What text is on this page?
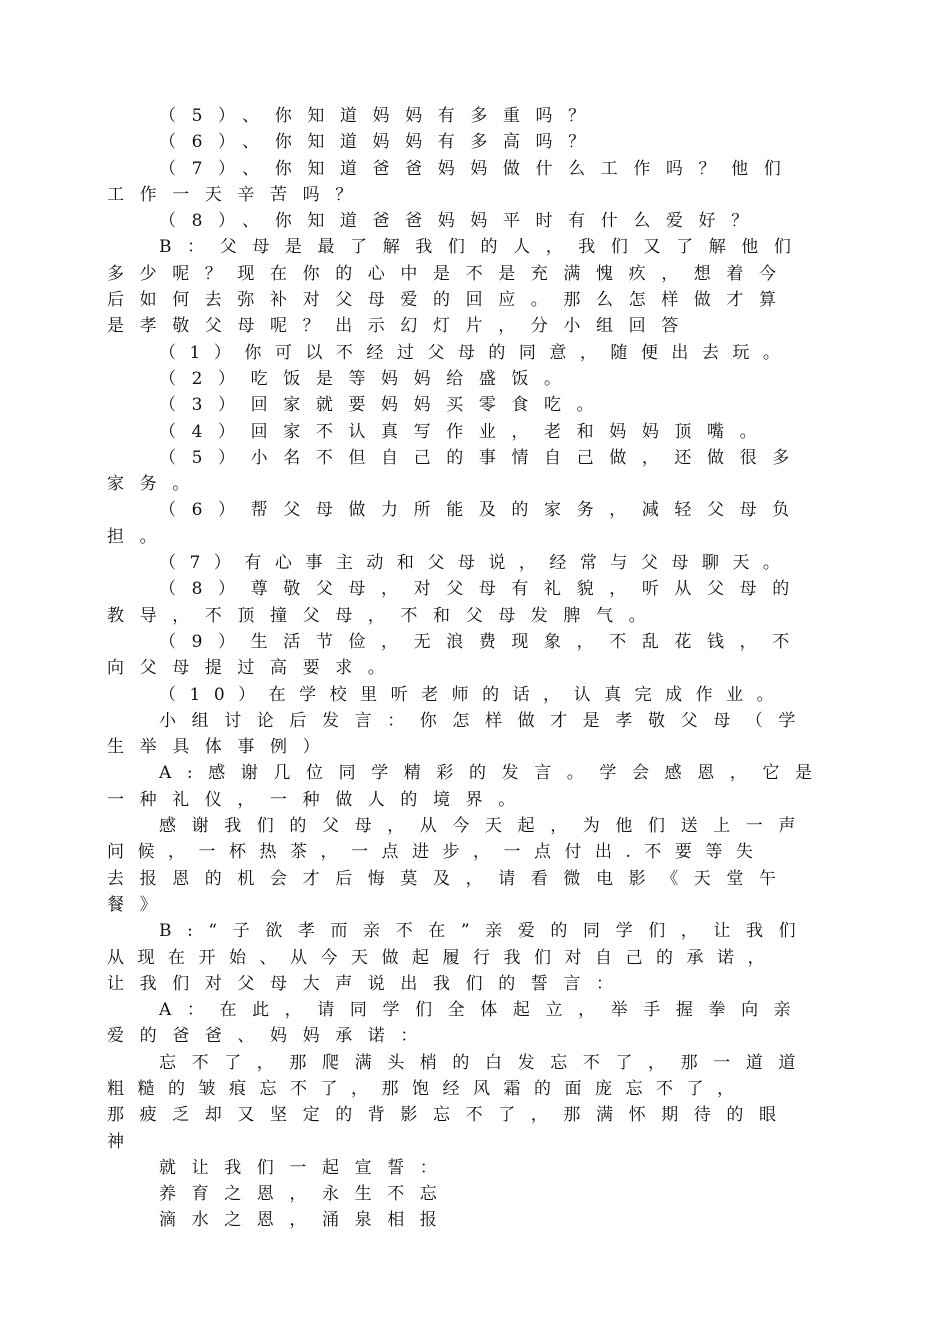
（5）、你知道妈妈有多重吗？
（6）、你知道妈妈有多高吗？
（7）、你知道爸爸妈妈做什么工作吗？他们
工作一天辛苦吗？
（8）、你知道爸爸妈妈平时有什么爱好？
B：父母是最了解我们的人，我们又了解他们
多少呢？现在你的心中是不是充满愧疚，想着今
后如何去弥补对父母爱的回应。那么怎样做才算
是孝敬父母呢？出示幻灯片，分小组回答
（1）你可以不经过父母的同意，随便出去玩。
（2）吃饭是等妈妈给盛饭。
（3）回家就要妈妈买零食吃。
（4）回家不认真写作业，老和妈妈顶嘴。
（5）小名不但自己的事情自己做，还做很多
家务。
（6）帮父母做力所能及的家务，减轻父母负
担。
（7）有心事主动和父母说，经常与父母聊天。
（8）尊敬父母，对父母有礼貌，听从父母的
教导，不顶撞父母，不和父母发脾气。
（9）生活节俭，无浪费现象，不乱花钱，不
向父母提过高要求。
（10）在学校里听老师的话，认真完成作业。
小组讨论后发言：你怎样做才是孝敬父母（学
生举具体事例）
A:感谢几位同学精彩的发言。学会感恩，它是
一种礼仪，一种做人的境界。
感谢我们的父母，从今天起，为他们送上一声
问候，一杯热茶，一点进步，一点付出.不要等失
去报恩的机会才后悔莫及，请看微电影《天堂午
餐》
B:“子欲孝而亲不在”亲爱的同学们，让我们
从现在开始、从今天做起履行我们对自己的承诺，
让我们对父母大声说出我们的誓言：
A：在此，请同学们全体起立，举手握拳向亲
爱的爸爸、妈妈承诺：
忘不了，那爬满头梢的白发忘不了，那一道道
粗糙的皱痕忘不了，那饱经风霜的面庞忘不了，
那疲乏却又坚定的背影忘不了，那满怀期待的眼
神
就让我们一起宣誓：
养育之恩，永生不忘
滴水之恩，涌泉相报
